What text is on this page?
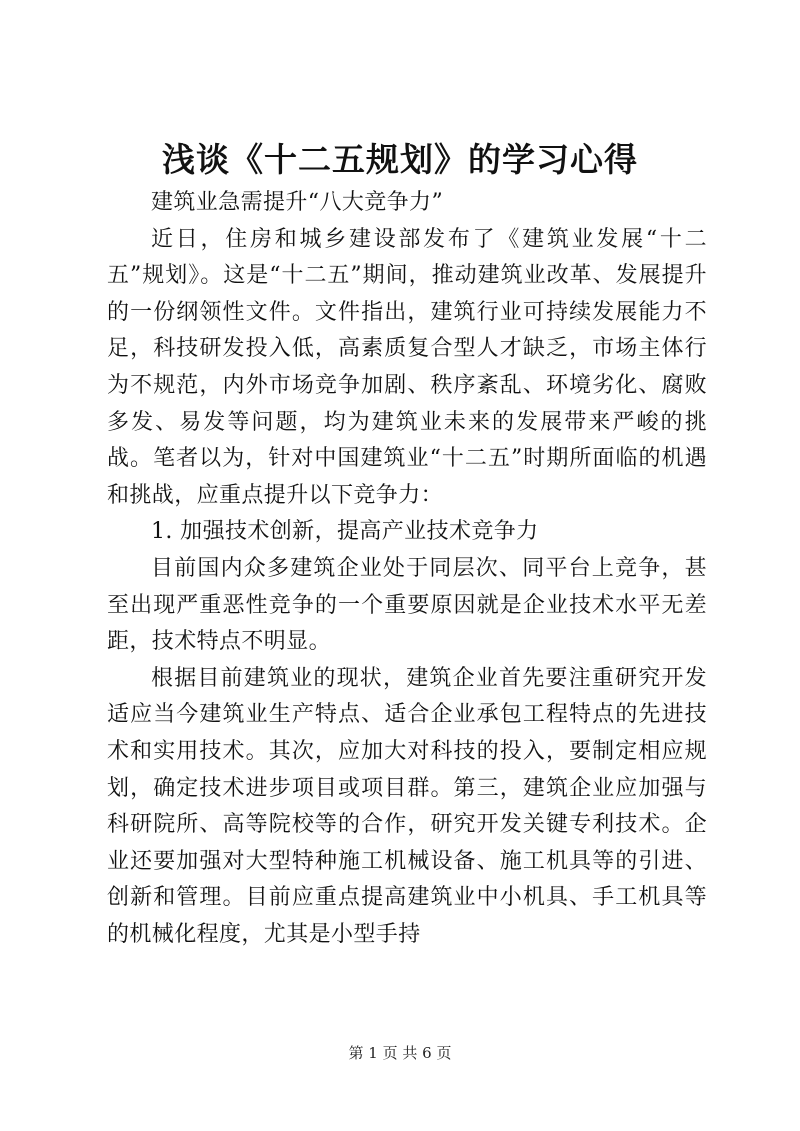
浅谈《十二五规划》的学习心得

建筑业急需提升“八大竞争力”

近日，住房和城乡建设部发布了《建筑业发展“十二五”规划》。这是“十二五”期间，推动建筑业改革、发展提升的一份纲领性文件。文件指出，建筑行业可持续发展能力不足，科技研发投入低，高素质复合型人才缺乏，市场主体行为不规范，内外市场竞争加剧、秩序紊乱、环境劣化、腐败多发、易发等问题，均为建筑业未来的发展带来严峻的挑战。笔者以为，针对中国建筑业“十二五”时期所面临的机遇和挑战，应重点提升以下竞争力：

1. 加强技术创新，提高产业技术竞争力

目前国内众多建筑企业处于同层次、同平台上竞争，甚至出现严重恶性竞争的一个重要原因就是企业技术水平无差距，技术特点不明显。

根据目前建筑业的现状，建筑企业首先要注重研究开发适应当今建筑业生产特点、适合企业承包工程特点的先进技术和实用技术。其次，应加大对科技的投入，要制定相应规划，确定技术进步项目或项目群。第三，建筑企业应加强与科研院所、高等院校等的合作，研究开发关键专利技术。企业还要加强对大型特种施工机械设备、施工机具等的引进、创新和管理。目前应重点提高建筑业中小机具、手工机具等的机械化程度，尤其是小型手持

第 1 页 共 6 页
